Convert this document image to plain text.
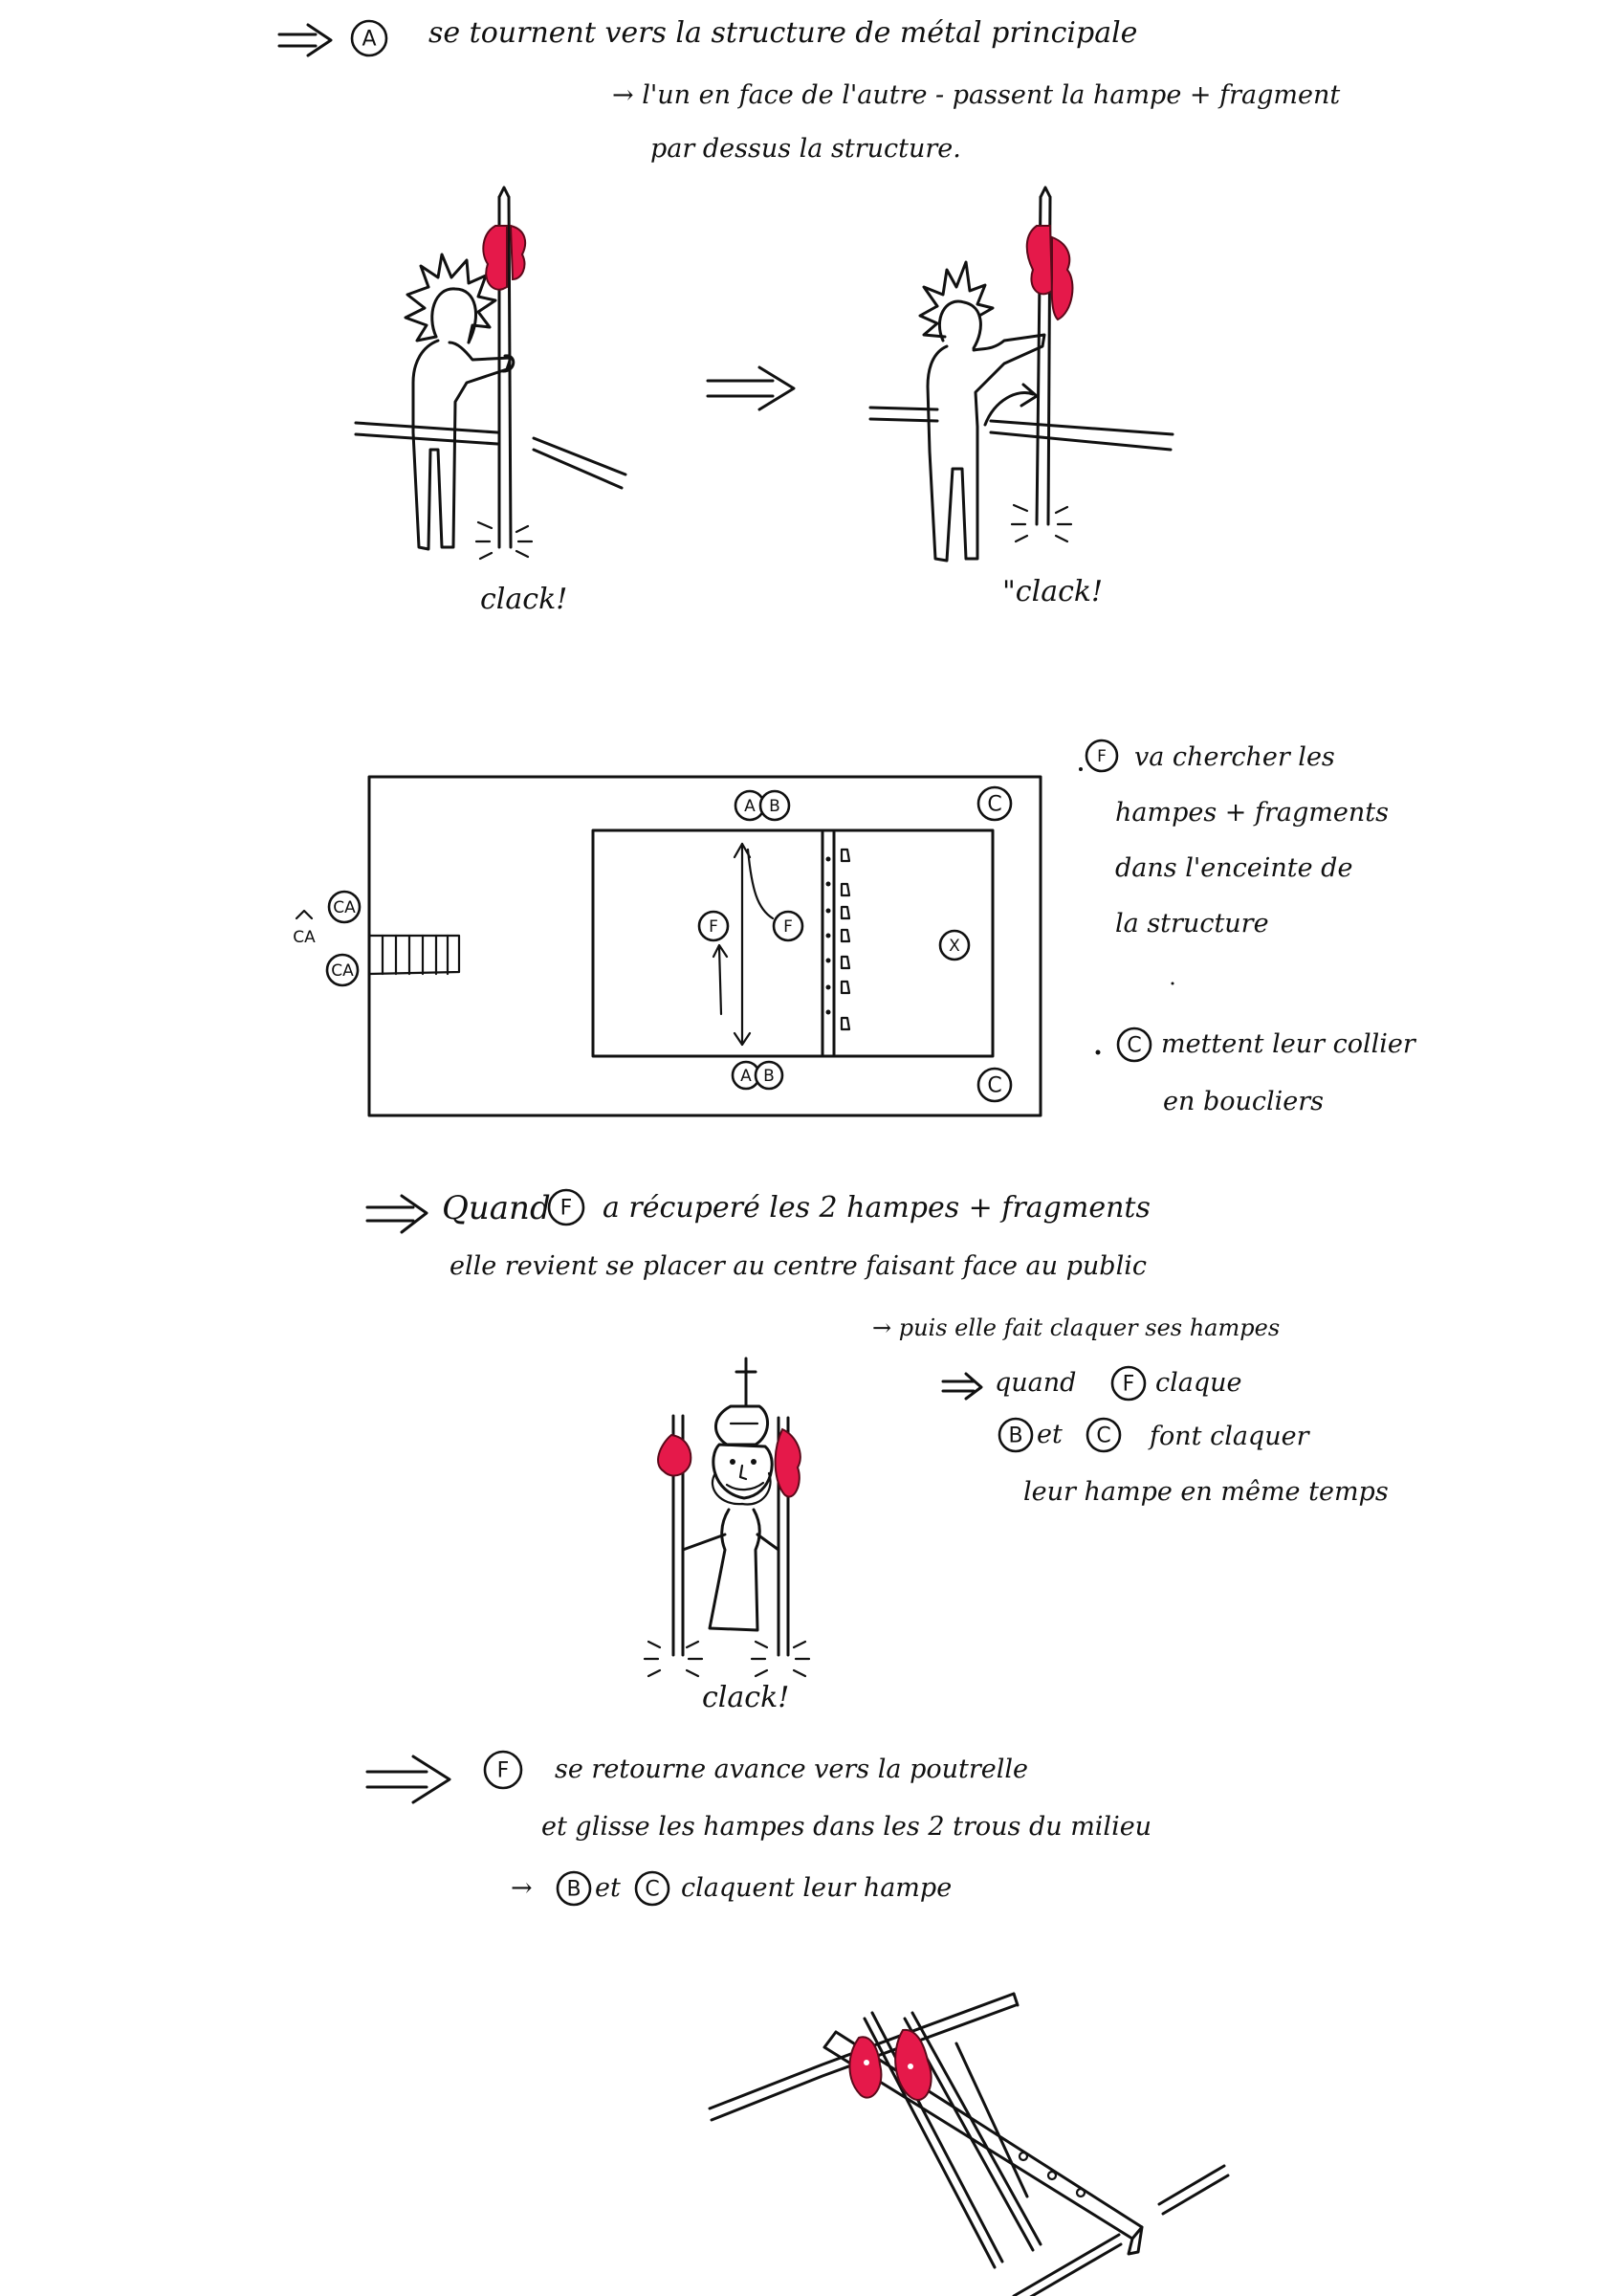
A
clack!	"clack!
A B
A B
C
C
CA
CA
CA
F	F
X
F
C
F
F
B	C
clack!
F
B	C
se tournent vers la structure de métal principale
→ l'un en face de l'autre - passent la hampe + fragment
par dessus la structure.
va chercher les
hampes + fragments
dans l'enceinte de
la structure
mettent leur collier
en boucliers
Quand a récuperé les 2 hampes + fragments
elle revient se placer au centre faisant face au public
→ puis elle fait claquer ses hampes
quand	claque
et	font claquer
leur hampe en même temps
se retourne avance vers la poutrelle
et glisse les hampes dans les 2 trous du milieu
→ et claquent leur hampe
